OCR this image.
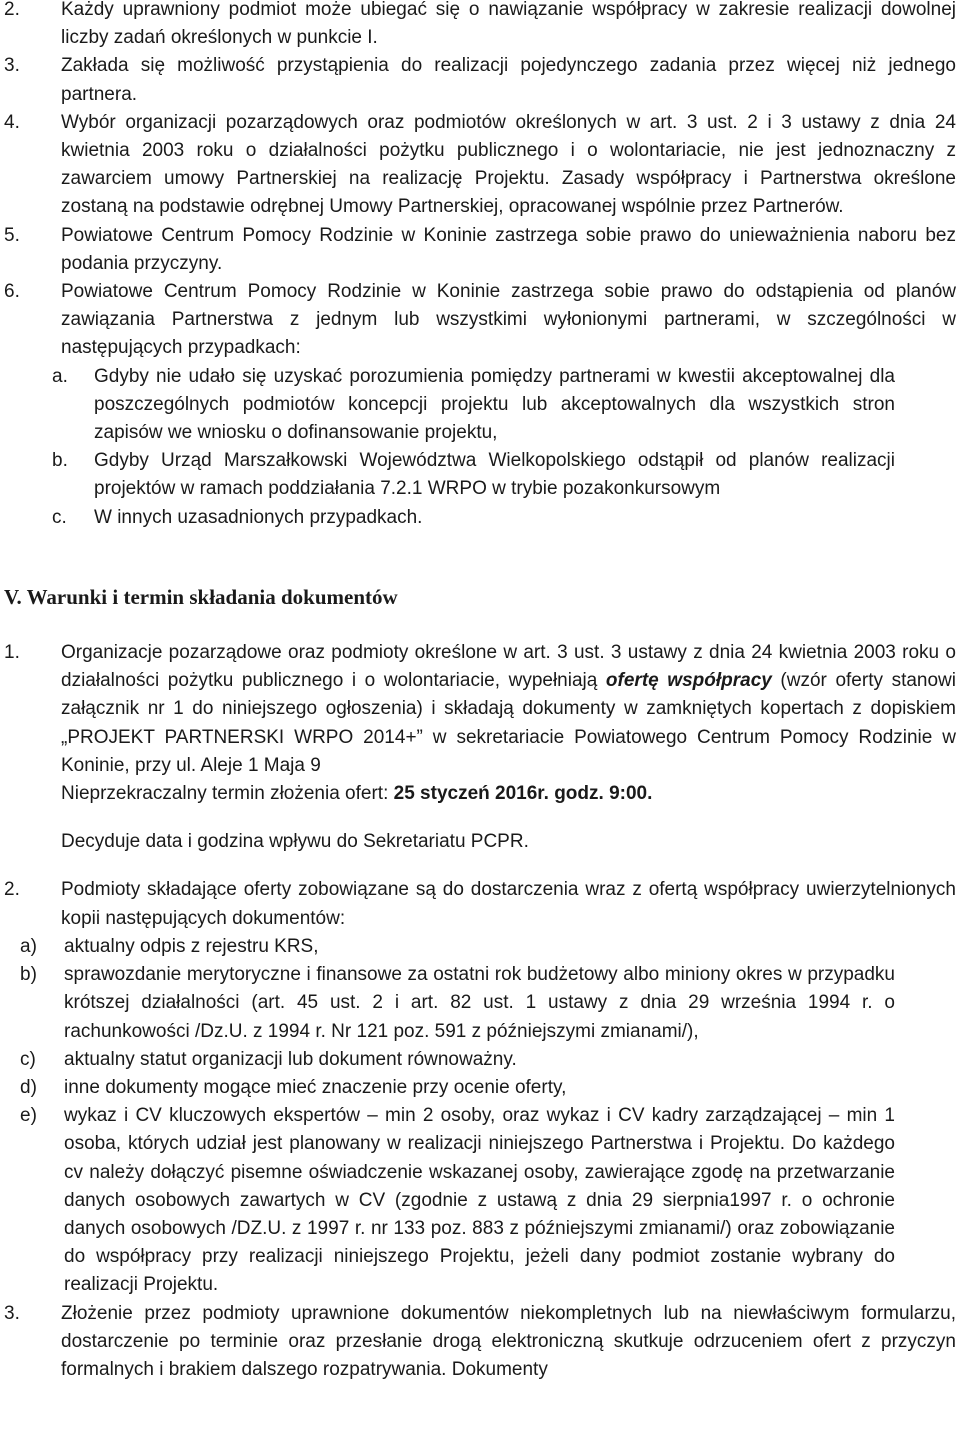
2.	Każdy uprawniony podmiot może ubiegać się o nawiązanie współpracy w zakresie realizacji dowolnej liczby zadań określonych w punkcie I.
3.	Zakłada się możliwość przystąpienia do realizacji pojedynczego zadania przez więcej niż jednego partnera.
4.	Wybór organizacji pozarządowych oraz podmiotów określonych w art. 3 ust. 2 i 3 ustawy z dnia 24 kwietnia 2003 roku o działalności pożytku publicznego i o wolontariacie, nie jest jednoznaczny z zawarciem umowy Partnerskiej na realizację Projektu. Zasady współpracy i Partnerstwa określone zostaną na podstawie odrębnej Umowy Partnerskiej, opracowanej wspólnie przez Partnerów.
5.	Powiatowe Centrum Pomocy Rodzinie w Koninie zastrzega sobie prawo do unieważnienia naboru bez podania przyczyny.
6.	Powiatowe Centrum Pomocy Rodzinie w Koninie zastrzega sobie prawo do odstąpienia od planów zawiązania Partnerstwa z jednym lub wszystkimi wyłonionymi partnerami, w szczególności w następujących przypadkach:
a.	Gdyby nie udało się uzyskać porozumienia pomiędzy partnerami w kwestii akceptowalnej dla poszczególnych podmiotów koncepcji projektu lub akceptowalnych dla wszystkich stron zapisów we wniosku o dofinansowanie projektu,
b.	Gdyby Urząd Marszałkowski Województwa Wielkopolskiego odstąpił od planów realizacji projektów w ramach poddziałania 7.2.1 WRPO w trybie pozakonkursowym
c.	W innych uzasadnionych przypadkach.
V. Warunki i termin składania dokumentów
1.	Organizacje pozarządowe oraz podmioty określone w art. 3 ust. 3 ustawy z dnia 24 kwietnia 2003 roku o działalności pożytku publicznego i o wolontariacie, wypełniają ofertę współpracy (wzór oferty stanowi załącznik nr 1 do niniejszego ogłoszenia) i składają dokumenty w zamkniętych kopertach z dopiskiem „PROJEKT PARTNERSKI WRPO 2014+” w sekretariacie Powiatowego Centrum Pomocy Rodzinie w Koninie, przy ul. Aleje 1 Maja 9
Nieprzekraczalny termin złożenia ofert: 25 styczeń 2016r. godz. 9:00.
Decyduje data i godzina wpływu do Sekretariatu PCPR.
2.	Podmioty składające oferty zobowiązane są do dostarczenia wraz z ofertą współpracy uwierzytelnionych kopii następujących dokumentów:
a)	aktualny odpis z rejestru KRS,
b)	sprawozdanie merytoryczne i finansowe za ostatni rok budżetowy albo miniony okres w przypadku krótszej działalności (art. 45 ust. 2 i art. 82 ust. 1 ustawy z dnia 29 września 1994 r. o rachunkowości /Dz.U. z 1994 r. Nr 121 poz. 591 z późniejszymi zmianami/),
c)	aktualny statut organizacji lub dokument równoważny.
d)	inne dokumenty mogące mieć znaczenie przy ocenie oferty,
e)	wykaz i CV kluczowych ekspertów – min 2 osoby, oraz wykaz i CV kadry zarządzającej – min 1 osoba, których udział jest planowany w realizacji niniejszego Partnerstwa i Projektu. Do każdego cv należy dołączyć pisemne oświadczenie wskazanej osoby, zawierające zgodę na przetwarzanie danych osobowych zawartych w CV (zgodnie z ustawą z dnia 29 sierpnia1997 r. o ochronie danych osobowych /DZ.U. z 1997 r. nr 133 poz. 883 z późniejszymi zmianami/) oraz zobowiązanie do współpracy przy realizacji niniejszego Projektu, jeżeli dany podmiot zostanie wybrany do realizacji Projektu.
3.	Złożenie przez podmioty uprawnione dokumentów niekompletnych lub na niewłaściwym formularzu, dostarczenie po terminie oraz przesłanie drogą elektroniczną skutkuje odrzuceniem ofert z przyczyn formalnych i brakiem dalszego rozpatrywania. Dokumenty
